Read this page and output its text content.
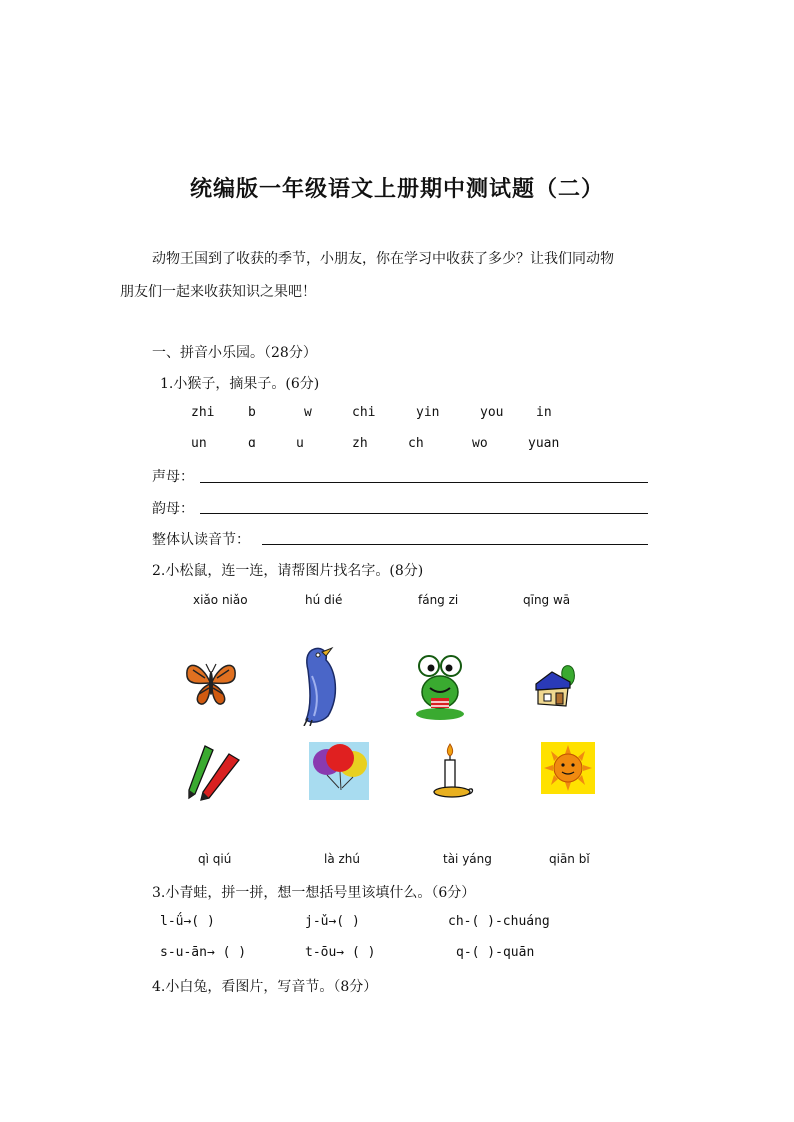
统编版一年级语文上册期中测试题（二）
动物王国到了收获的季节，小朋友，你在学习中收获了多少？让我们同动物
朋友们一起来收获知识之果吧！
一、拼音小乐园。（28分）
1.小猴子，摘果子。(6分)
zhi	b	w	chi	yin	you	in
un	ɑ	u	zh	ch	wo	yuan
声母：
韵母：
整体认读音节：
2.小松鼠，连一连，请帮图片找名字。(8分)
xiǎo niǎo	hú dié	fáng zi	qīng wā
qì qiú	là zhú	tài yáng	qiān bǐ
3.小青蛙，拼一拼，想一想括号里该填什么。（6分）
l-ǘ→( )	j-ǔ→( )	ch-( )-chuáng
s-u-ān→ ( )	t-ōu→ ( )	q-( )-quān
4.小白兔，看图片，写音节。（8分）
